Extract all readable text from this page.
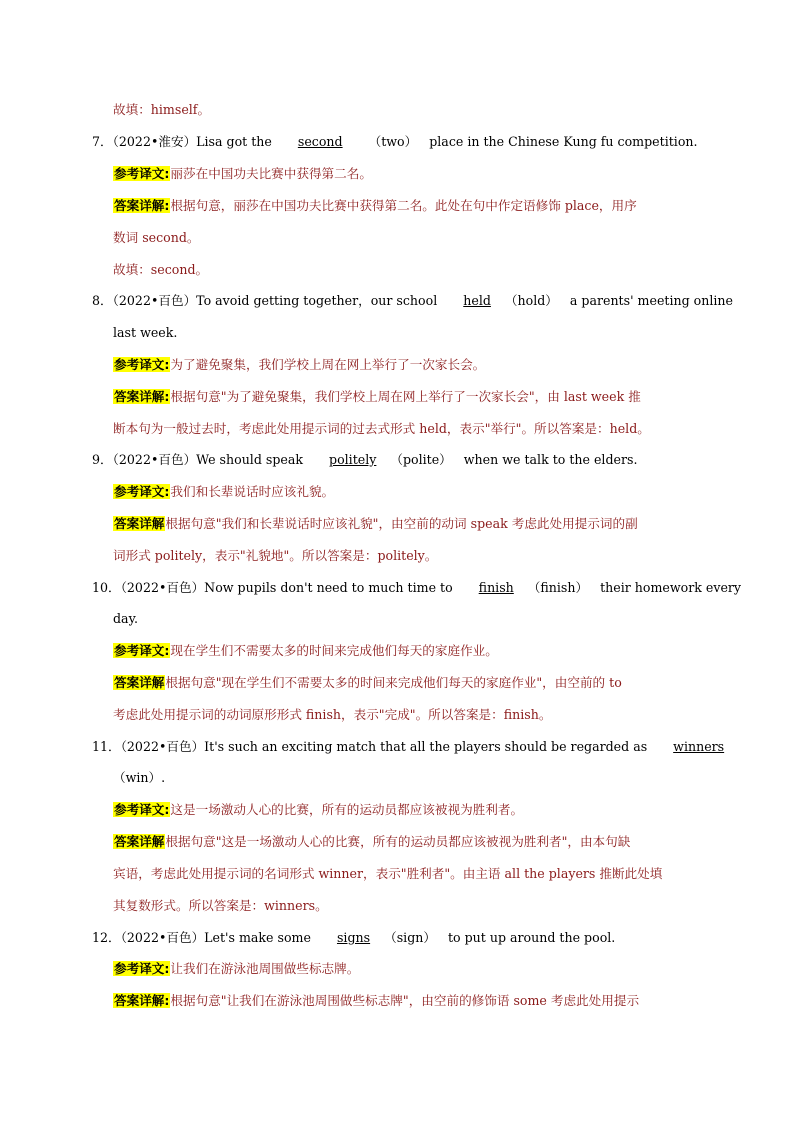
故填：himself。
7．（2022•淮安）Lisa got the second （two） place in the Chinese Kung fu competition.
参考译文:丽莎在中国功夫比赛中获得第二名。
答案详解:根据句意，丽莎在中国功夫比赛中获得第二名。此处在句中作定语修饰 place，用序
数词 second。
故填：second。
8．（2022•百色）To avoid getting together，our school held （hold） a parents' meeting online
last week.
参考译文:为了避免聚集，我们学校上周在网上举行了一次家长会。
答案详解:根据句意"为了避免聚集，我们学校上周在网上举行了一次家长会"，由 last week 推
断本句为一般过去时，考虑此处用提示词的过去式形式 held，表示"举行"。所以答案是：held。
9．（2022•百色）We should speak politely （polite） when we talk to the elders.
参考译文:我们和长辈说话时应该礼貌。
答案详解根据句意"我们和长辈说话时应该礼貌"，由空前的动词 speak 考虑此处用提示词的副
词形式 politely，表示"礼貌地"。所以答案是：politely。
10．（2022•百色）Now pupils don't need to much time to finish （finish） their homework every
day.
参考译文:现在学生们不需要太多的时间来完成他们每天的家庭作业。
答案详解根据句意"现在学生们不需要太多的时间来完成他们每天的家庭作业"，由空前的 to
考虑此处用提示词的动词原形形式 finish，表示"完成"。所以答案是：finish。
11．（2022•百色）It's such an exciting match that all the players should be regarded as winners
（win）.
参考译文:这是一场激动人心的比赛，所有的运动员都应该被视为胜利者。
答案详解根据句意"这是一场激动人心的比赛，所有的运动员都应该被视为胜利者"，由本句缺
宾语，考虑此处用提示词的名词形式 winner，表示"胜利者"。由主语 all the players 推断此处填
其复数形式。所以答案是：winners。
12．（2022•百色）Let's make some signs （sign） to put up around the pool.
参考译文:让我们在游泳池周围做些标志牌。
答案详解:根据句意"让我们在游泳池周围做些标志牌"，由空前的修饰语 some 考虑此处用提示
